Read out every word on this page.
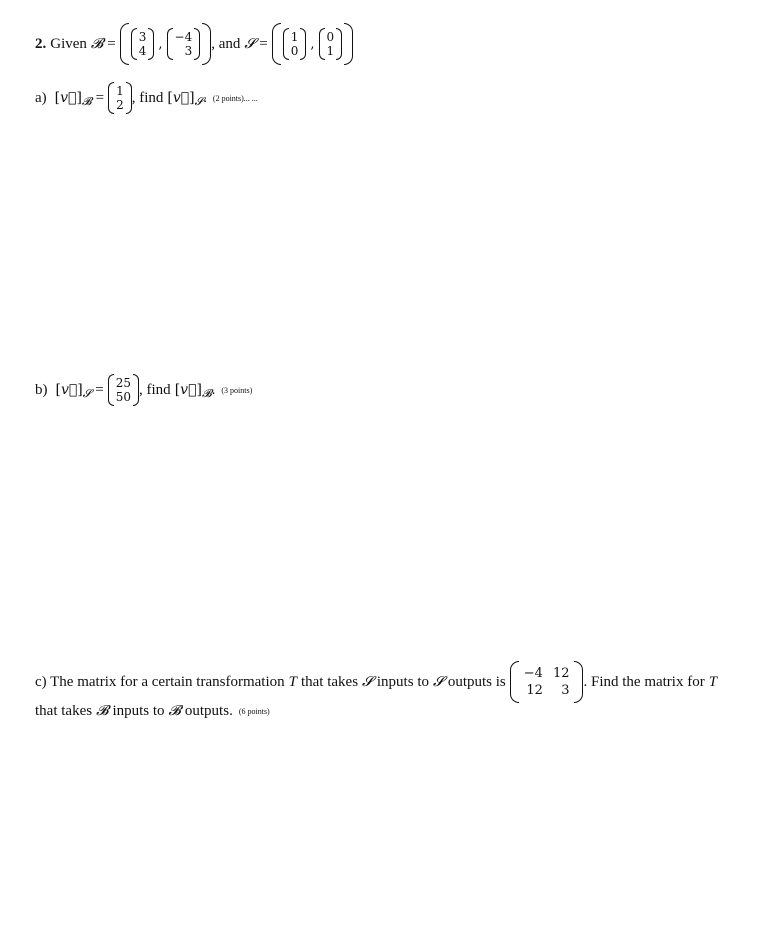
2. Given 𝓑 = 3
4 , −4
3 , and 𝓢 = 1
0 , 0
1
a) [v⃗] 𝓑 = 1
2 , find [v⃗] 𝓢 . (2 points)... ...
b) [v⃗] 𝓢 = 25
50 , find [v⃗] 𝓑 . (3 points)
c) The matrix for a certain transformation T that takes 𝓢 inputs to 𝓢 outputs is −4 12
12	3
. Find the matrix for T
that takes 𝓑 inputs to 𝓑 outputs. (6 points)
